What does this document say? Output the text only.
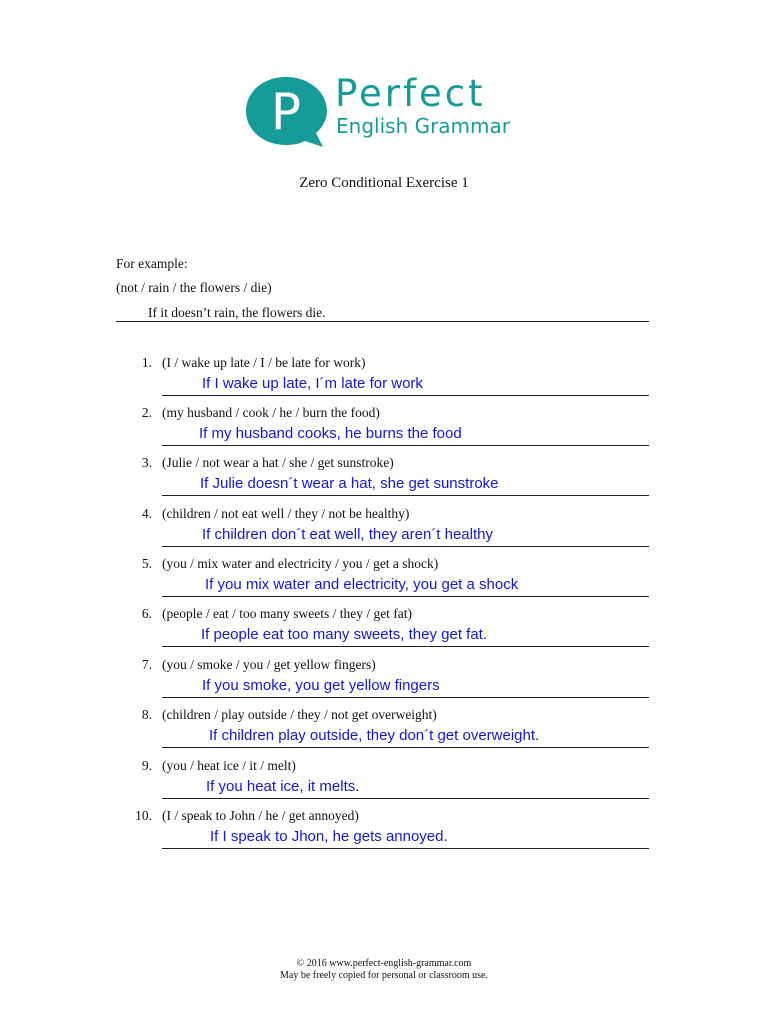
P Perfect
English Grammar
Zero Conditional Exercise 1
For example:
(not / rain / the flowers / die)
If it doesn’t rain, the flowers die.
1. (I / wake up late / I / be late for work)
If I wake up late, I´m late for work
2. (my husband / cook / he / burn the food)
If my husband cooks, he burns the food
3. (Julie / not wear a hat / she / get sunstroke)
If Julie doesn´t wear a hat, she get sunstroke
4. (children / not eat well / they / not be healthy)
If children don´t eat well, they aren´t healthy
5. (you / mix water and electricity / you / get a shock)
If you mix water and electricity, you get a shock
6. (people / eat / too many sweets / they / get fat)
If people eat too many sweets, they get fat.
7. (you / smoke / you / get yellow fingers)
If you smoke, you get yellow fingers
8. (children / play outside / they / not get overweight)
If children play outside, they don´t get overweight.
9. (you / heat ice / it / melt)
If you heat ice, it melts.
10. (I / speak to John / he / get annoyed)
If I speak to Jhon, he gets annoyed.
© 2016 www.perfect-english-grammar.com
May be freely copied for personal or classroom use.
